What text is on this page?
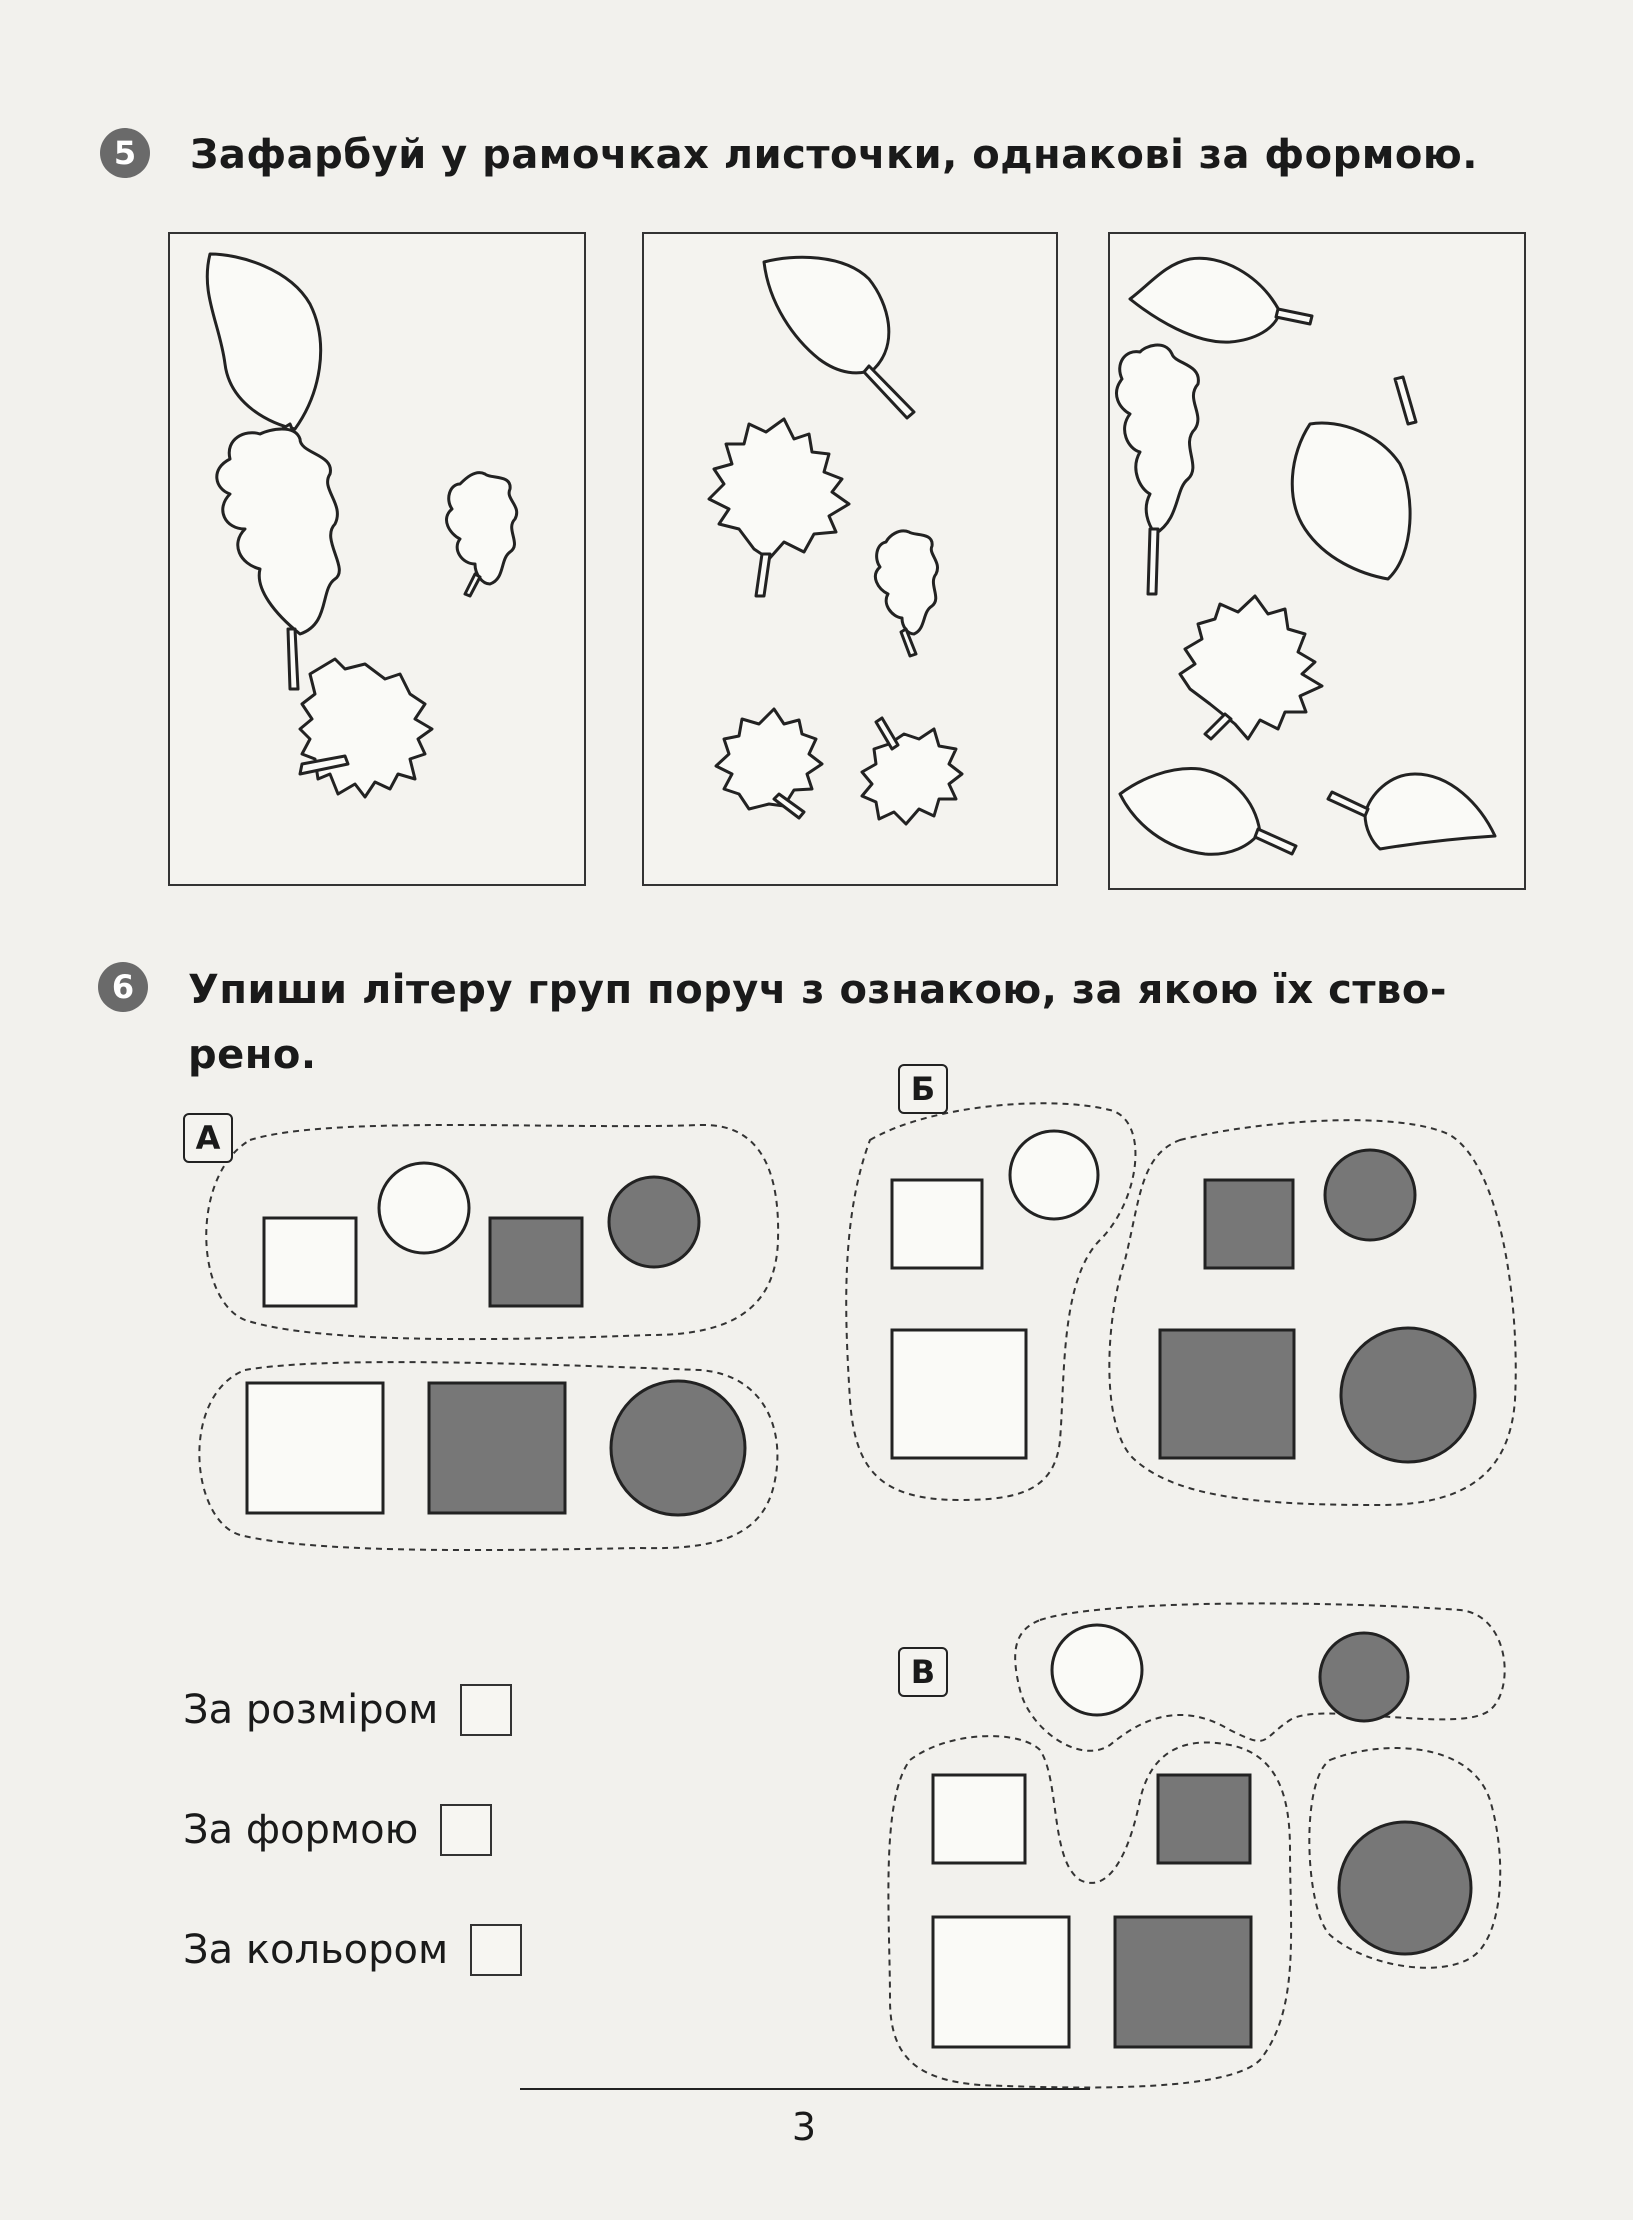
5	Зафарбуй у рамочках листочки, однакові за формою.
6	Упиши літеру груп поруч з ознакою, за якою їх ство-
рено.
А
Б
В
За розміром
За формою
За кольором
3
